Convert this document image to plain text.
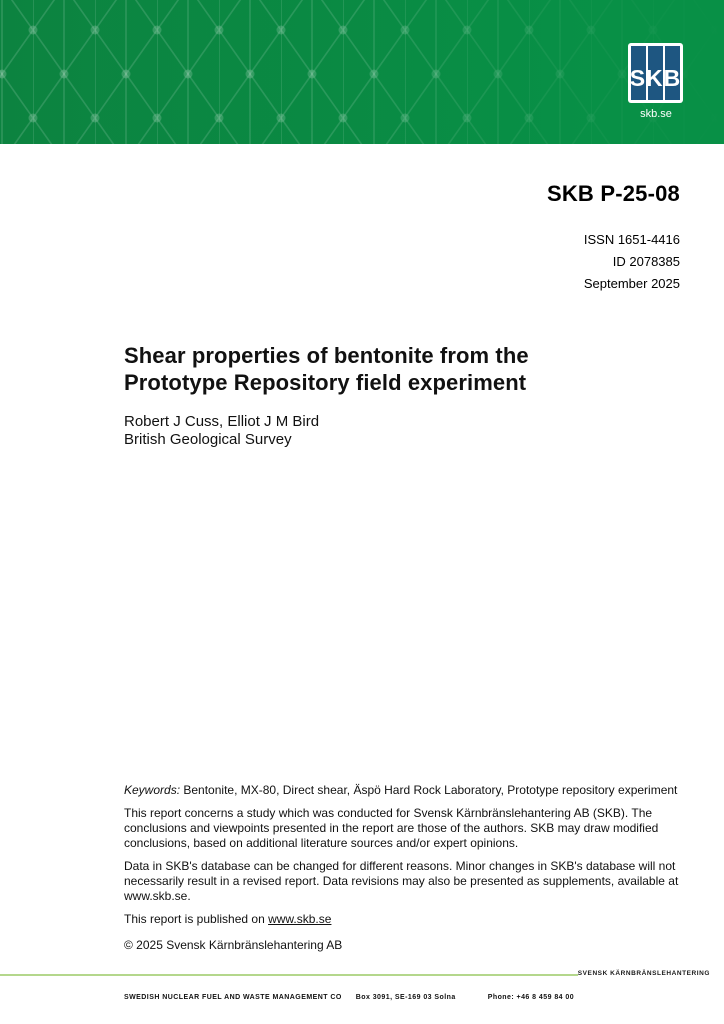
SKB
skb.se
SKB P-25-08
ISSN 1651-4416
ID 2078385
September 2025
Shear properties of bentonite from the
Prototype Repository field experiment
Robert J Cuss, Elliot J M Bird
British Geological Survey

Keywords: Bentonite, MX-80, Direct shear, Äspö Hard Rock Laboratory, Prototype repository experiment

This report concerns a study which was conducted for Svensk Kärnbränslehantering AB (SKB). The conclusions and viewpoints presented in the report are those of the authors. SKB may draw modified conclusions, based on additional literature sources and/or expert opinions.

Data in SKB's database can be changed for different reasons. Minor changes in SKB's database will not necessarily result in a revised report. Data revisions may also be presented as supplements, available at www.skb.se.

This report is published on www.skb.se

© 2025 Svensk Kärnbränslehantering AB

SVENSK KÄRNBRÄNSLEHANTERING
SWEDISH NUCLEAR FUEL AND WASTE MANAGEMENT CO Box 3091, SE-169 03 Solna	Phone: +46 8 459 84 00
